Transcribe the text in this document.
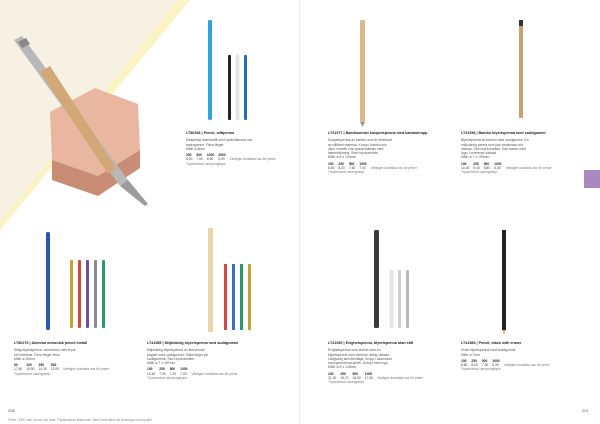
LT80268 | Pencil, stiftpenna
Mekaniskt blyertsstift med tryck/klämma och
radergummi. Flera färger.
Mått: ø 8mm
250	500	1000	2500	
6,00	7,00	6,50	5,90	Vänligen kontakta oss för priser
Tryckmetod: tampongtryck
LT41977 | Bambusenan kulspetspenna med bambukropp
Kulspetspenna av bambu som är tillverkad
av hållbart material. Kropp i bambu och
clips i metall. Kan gravyrmärkas med
lasermärkning. Stort tryckområde.
Mått: ø 8 x 143mm
100	250	500	1000	
8,60	8,20	7,60	7,00	Vänligen kontakta oss för priser
Tryckmetod: lasergravyr
LT41938 | Bambu blyertspenna med suddgummi
Blyertspenna av bambu med suddgummi. En
miljövänlig penna som kan användas och
vässas. Stort tryckområde. Kan lasras med
logo. Levereras vässad.
Mått: ø 7 x 190mm
100	250	500	1000	
10,20	9,40	8,80	8,30	Vänligen kontakta oss för priser
Tryckmetod: lasergravyr
LT80275 | Alumina mekanisk pencil metall
Stilig blyertspenna i aluminium med tryck
och klämma. Flera färger finns.
Mått: ø 10mm
50	100	250	500	
17,60	15,50	14,30	13,00	Vänligen kontakta oss för priser
Tryckmetod: lasergravyr
LT41985 | Miljövänlig blyertspenna med suddgummi
Miljövänlig blyertspenna av återvunnet
papper med suddgummi. Olika färger på
suddgummit. Stort tryckområde.
Mått: ø 7 x 187mm
100	250	500	1000	
10,40	7,90	7,20	7,00	Vänligen kontakta oss för priser
Tryckmetod: tampongtryck
LT41939 | Evighetspenna, blyertspenna utan stift
Evighetspenna som skriver som en
blyertspenna men behöver aldrig vässas.
Långvarig skrivförmåga. Kropp i aluminium
med gummerad spets. Gravyr med logo.
Mått: ø 8 x 140mm
100	250	500	1000	
21,30	19,70	16,90	17,60	Vänligen kontakta oss för priser
Tryckmetod: lasergravyr
LT41983 | Pencil, black with eraser
Svart blyertspenna med suddgummi.
Mått: ø 7mm
100	250	500	1000	
8,80	8,00	7,30	6,30	Vänligen kontakta oss för priser
Tryckmetod: tampongtryck
208	201
Priser i SEK exkl. moms och frakt. Tryckkostnad tillkommer. Med reservation för ändringar och tryckfel.
